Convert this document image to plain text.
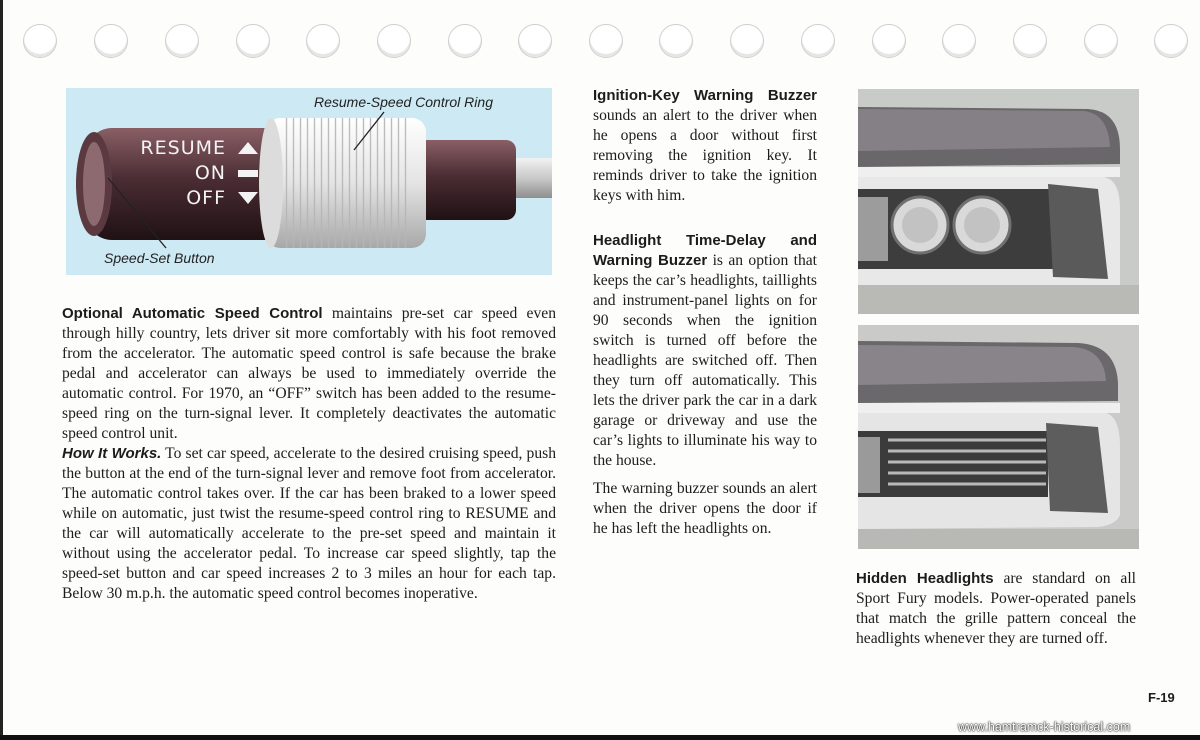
Resume-Speed Control Ring
Speed-Set Button
RESUME
ON
OFF

Optional Automatic Speed Control maintains pre-set car speed even through hilly country, lets driver sit more comfortably with his foot removed from the accelerator. The automatic speed control is safe because the brake pedal and accelerator can always be used to immediately override the automatic control. For 1970, an “OFF” switch has been added to the resume-speed ring on the turn-signal lever. It completely deactivates the automatic speed control unit.

How It Works. To set car speed, accelerate to the desired cruising speed, push the button at the end of the turn-signal lever and remove foot from accelerator. The automatic control takes over. If the car has been braked to a lower speed while on automatic, just twist the resume-speed control ring to RESUME and the car will automatically accelerate to the pre-set speed and maintain it without using the accelerator pedal. To increase car speed slightly, tap the speed-set button and car speed increases 2 to 3 miles an hour for each tap. Below 30 m.p.h. the automatic speed control becomes inoperative.

Ignition-Key Warning Buzzer sounds an alert to the driver when he opens a door without first removing the ignition key. It reminds driver to take the ignition keys with him.

Headlight Time-Delay and Warning Buzzer is an option that keeps the car’s headlights, taillights and instrument-panel lights on for 90 seconds when the ignition switch is turned off before the headlights are switched off. Then they turn off automatically. This lets the driver park the car in a dark garage or driveway and use the car’s lights to illuminate his way to the house.

The warning buzzer sounds an alert when the driver opens the door if he has left the headlights on.

Hidden Headlights are standard on all Sport Fury models. Power-operated panels that match the grille pattern conceal the headlights whenever they are turned off.

F-19
www.hamtramck-historical.com
